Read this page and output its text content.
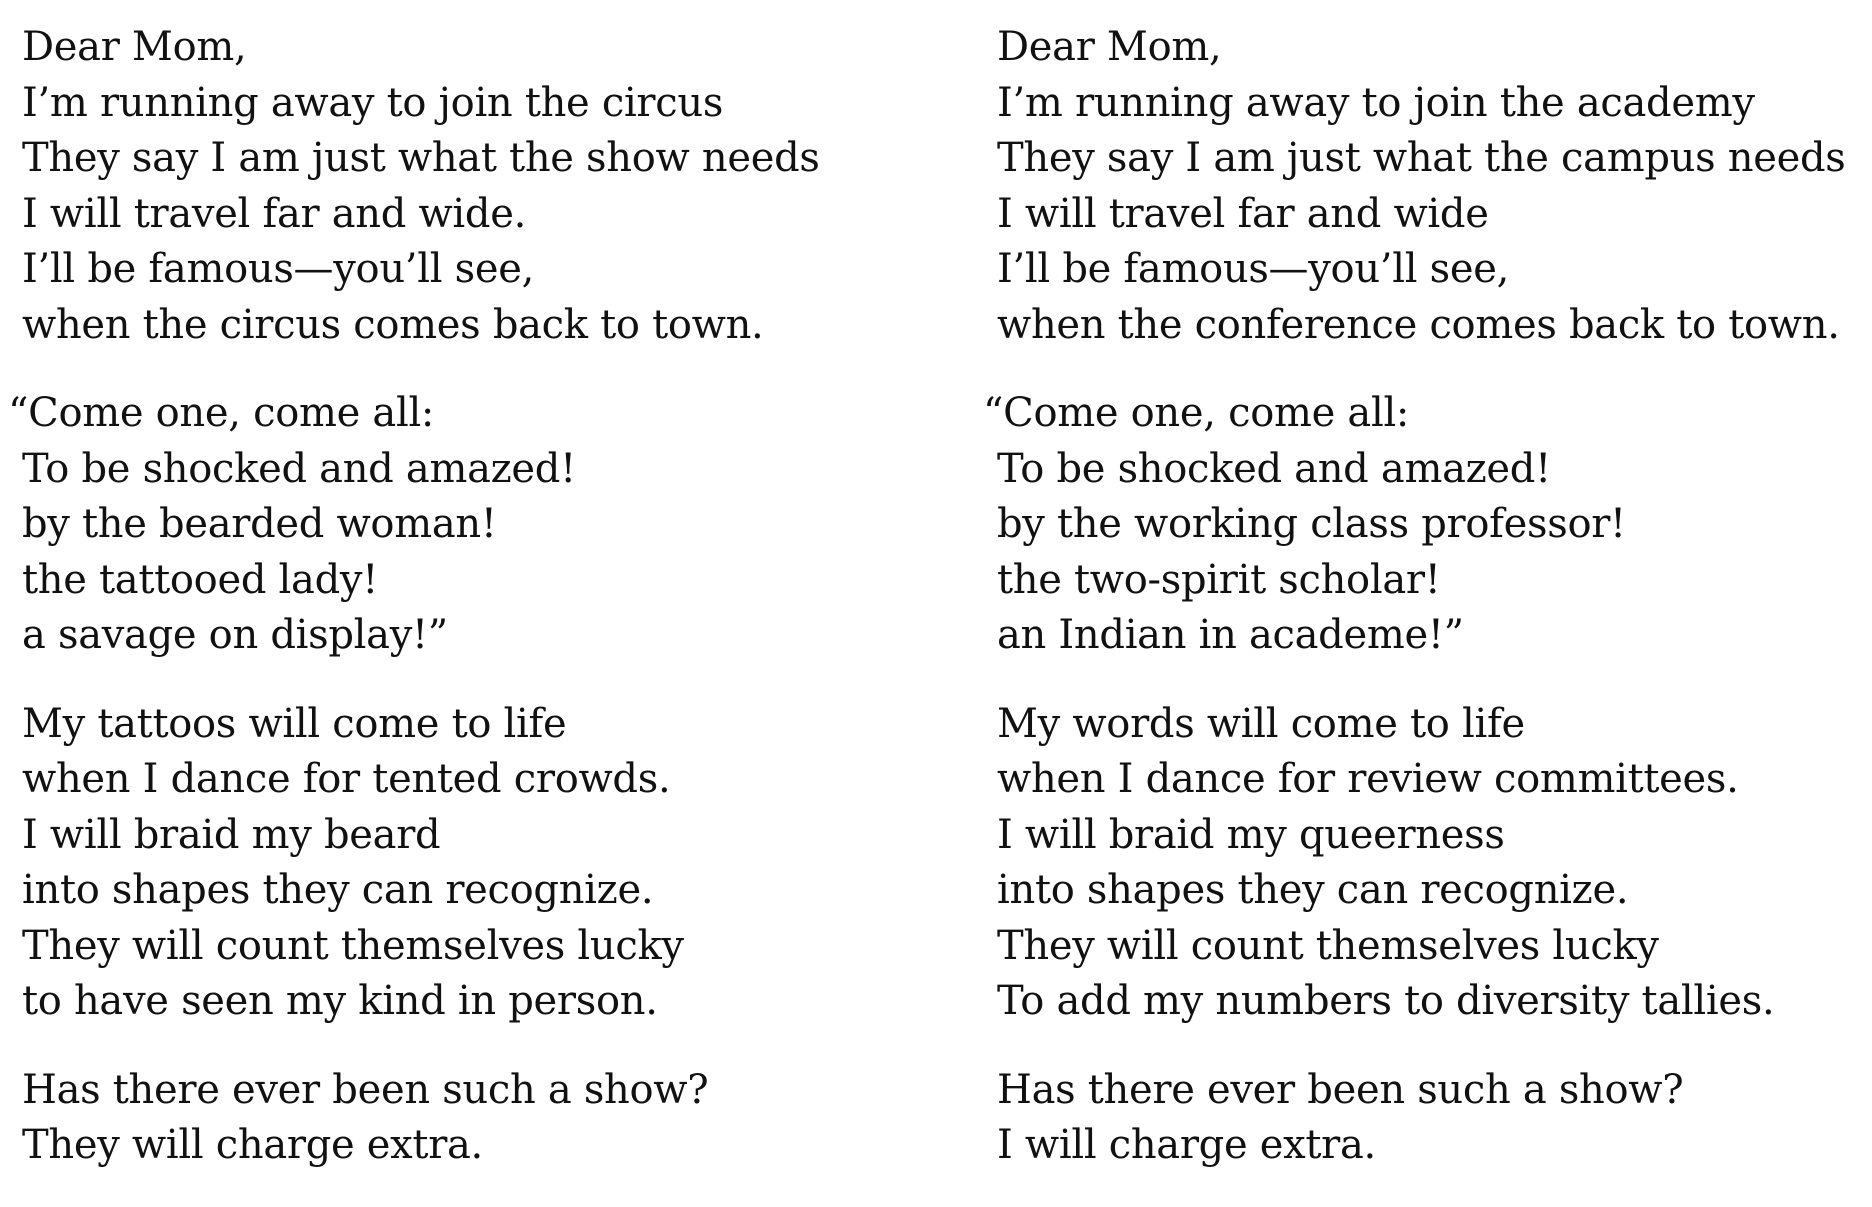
Dear Mom,
I’m running away to join the circus
They say I am just what the show needs
I will travel far and wide.
I’ll be famous—you’ll see,
when the circus comes back to town.
“Come one, come all:
To be shocked and amazed!
by the bearded woman!
the tattooed lady!
a savage on display!”
My tattoos will come to life
when I dance for tented crowds.
I will braid my beard
into shapes they can recognize.
They will count themselves lucky
to have seen my kind in person.
Has there ever been such a show?
They will charge extra.
Dear Mom,
I’m running away to join the academy
They say I am just what the campus needs
I will travel far and wide
I’ll be famous—you’ll see,
when the conference comes back to town.
“Come one, come all:
To be shocked and amazed!
by the working class professor!
the two-spirit scholar!
an Indian in academe!”
My words will come to life
when I dance for review committees.
I will braid my queerness
into shapes they can recognize.
They will count themselves lucky
To add my numbers to diversity tallies.
Has there ever been such a show?
I will charge extra.
